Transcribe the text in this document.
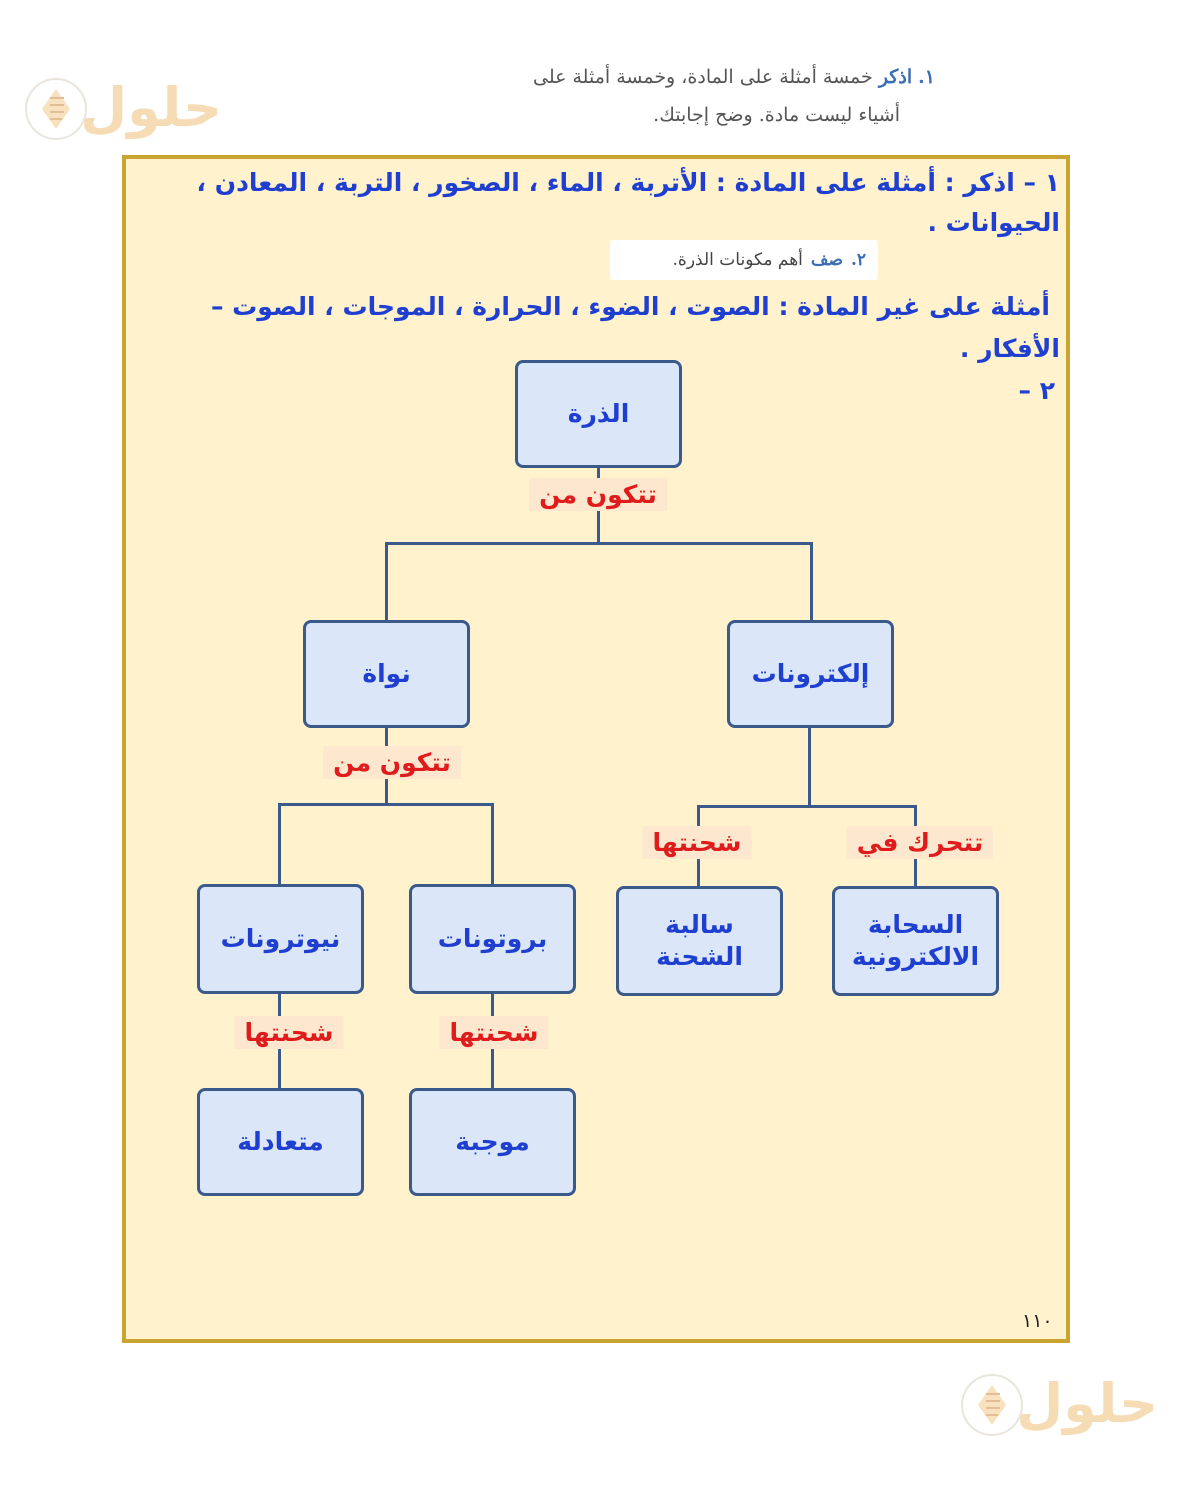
حلول
حلول
١. اذكر خمسة أمثلة على المادة، وخمسة أمثلة على
أشياء ليست مادة. وضح إجابتك.
١ – اذكر : أمثلة على المادة : الأتربة ، الماء ، الصخور ، التربة ، المعادن ،
الحيوانات .
٢.
صف
أهم مكونات الذرة.
أمثلة على غير المادة : الصوت ، الضوء ، الحرارة ، الموجات ، الصوت –
الأفكار .
٢ –
الذرة
نواة	إلكترونات
نيوترونات	بروتونات	سالبة
الشحنة
السحابة
الالكترونية
متعادلة	موجبة
تتكون من
تتكون من
شحنتها	تتحرك في
شحنتها	شحنتها
١١٠
